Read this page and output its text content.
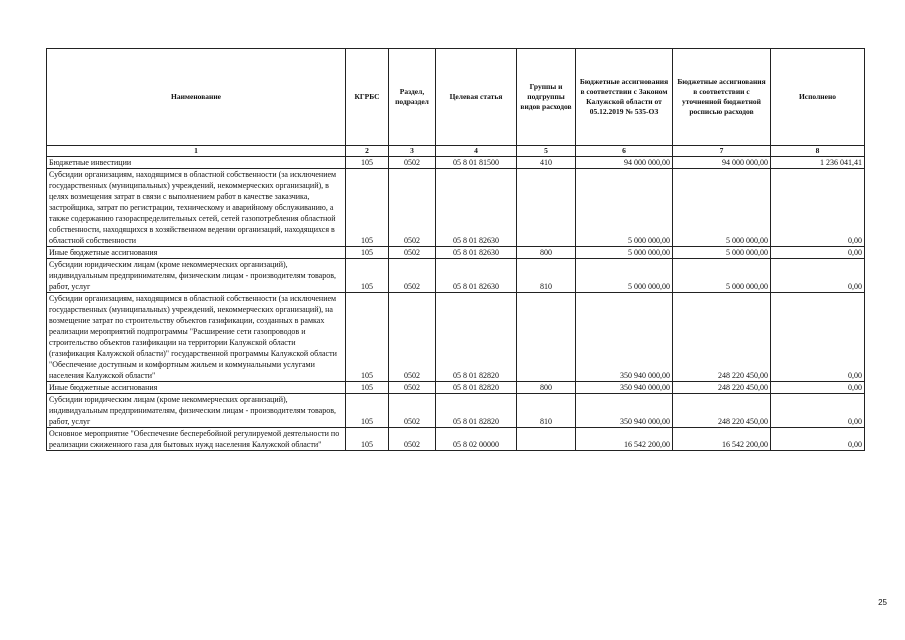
Наименование	КГРБС	Раздел, подраздел	Целевая статья	Группы и подгруппы видов расходов	Бюджетные ассигнования в соответствии с Законом Калужской области от 05.12.2019 № 535-ОЗ	Бюджетные ассигнования в соответствии с уточненной бюджетной росписью расходов	Исполнено
1	2	3	4	5	6	7	8
Бюджетные инвестиции	105	0502	05 8 01 81500	410	94 000 000,00	94 000 000,00	1 236 041,41
Субсидии организациям, находящимся в областной собственности (за исключением государственных (муниципальных) учреждений, некоммерческих организаций), в целях возмещения затрат в связи с выполнением работ в качестве заказчика, застройщика, затрат по регистрации, техническому и аварийному обслуживанию, а также содержанию газораспределительных сетей, сетей газопотребления областной собственности, находящихся в хозяйственном ведении организаций, находящихся в областной собственности	105	0502	05 8 01 82630		5 000 000,00	5 000 000,00	0,00
Иные бюджетные ассигнования	105	0502	05 8 01 82630	800	5 000 000,00	5 000 000,00	0,00
Субсидии юридическим лицам (кроме некоммерческих организаций), индивидуальным предпринимателям, физическим лицам - производителям товаров, работ, услуг	105	0502	05 8 01 82630	810	5 000 000,00	5 000 000,00	0,00
Субсидии организациям, находящимся в областной собственности (за исключением государственных (муниципальных) учреждений, некоммерческих организаций), на возмещение затрат по строительству объектов газификации, созданных в рамках реализации мероприятий подпрограммы "Расширение сети газопроводов и строительство объектов газификации на территории Калужской области (газификация Калужской области)" государственной программы Калужской области "Обеспечение доступным и комфортным жильем и коммунальными услугами населения Калужской области"	105	0502	05 8 01 82820		350 940 000,00	248 220 450,00	0,00
Иные бюджетные ассигнования	105	0502	05 8 01 82820	800	350 940 000,00	248 220 450,00	0,00
Субсидии юридическим лицам (кроме некоммерческих организаций), индивидуальным предпринимателям, физическим лицам - производителям товаров, работ, услуг	105	0502	05 8 01 82820	810	350 940 000,00	248 220 450,00	0,00
Основное мероприятие "Обеспечение бесперебойной регулируемой деятельности по реализации сжиженного газа для бытовых нужд населения Калужской области"	105	0502	05 8 02 00000		16 542 200,00	16 542 200,00	0,00
25
